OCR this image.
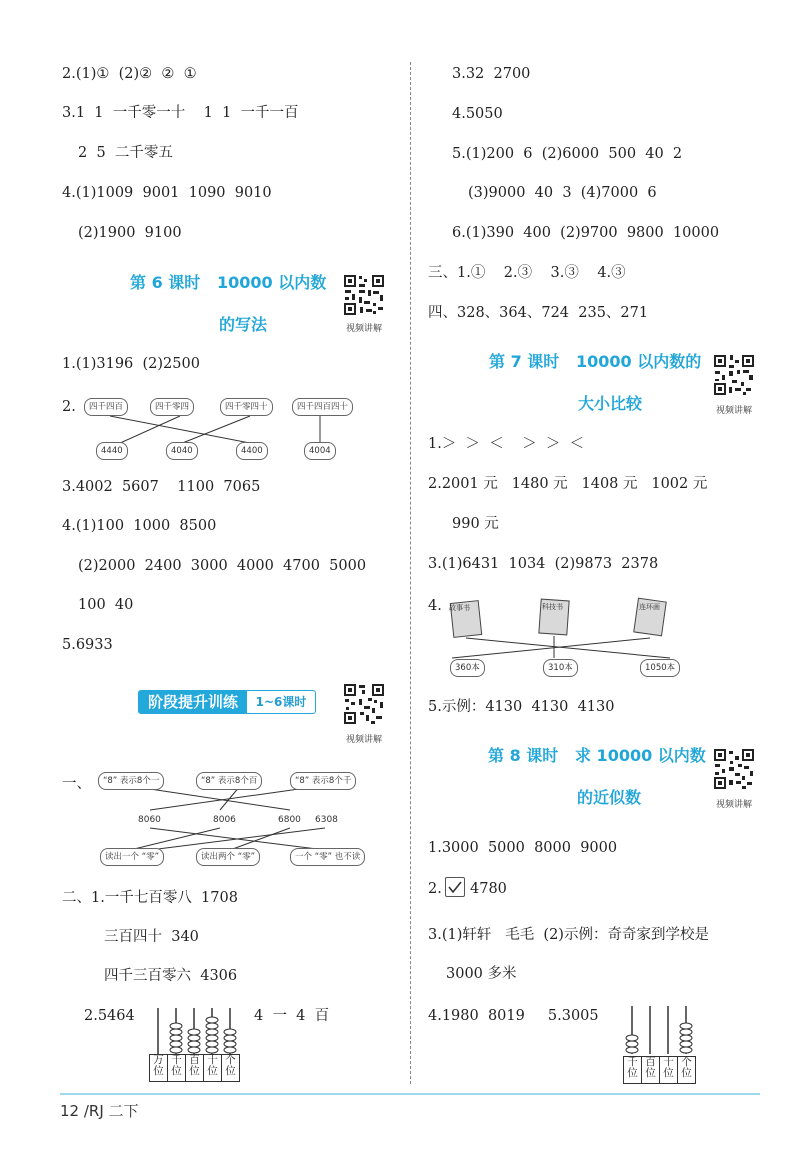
12 /RJ 二下
2.(1)①  (2)②  ②  ①
3.1  1  一千零一十    1  1  一千一百
2  5  二千零五
4.(1)1009  9001  1090  9010
(2)1900  9100
第 6 课时   10000 以内数
的写法	视频讲解
1.(1)3196  (2)2500
2.	四千四百	四千零四	四千零四十	四千四百四十
4440	4040	4400	4004
3.4002  5607    1100  7065
4.(1)100  1000  8500
(2)2000  2400  3000  4000  4700  5000
100  40
5.6933
阶段提升训练	1~6课时
视频讲解
一、	“8” 表示8个一	“8” 表示8个百	“8” 表示8个千
8060	8006	6800 6308
读出一个 “零”	读出两个 “零”	一个 “零” 也不读
二、1.一千七百零八  1708
三百四十  340
四千三百零六  4306
2.5464	4  一  4  百
万位
千位
百位
十位
个位
3.32  2700
4.5050
5.(1)200  6  (2)6000  500  40  2
(3)9000  40  3  (4)7000  6
6.(1)390  400  (2)9700  9800  10000
三、1.①    2.③    3.③    4.③
四、328、364、724  235、271
第 7 课时   10000 以内数的
大小比较	视频讲解
1.＞  ＞  ＜    ＞  ＞  ＜
2.2001 元   1480 元   1408 元   1002 元
990 元
3.(1)6431  1034  (2)9873  2378
4. 故事书	科技书	连环画
360本	310本	1050本
5.示例：4130  4130  4130
第 8 课时   求 10000 以内数
的近似数	视频讲解
1.3000  5000  8000  9000
2. 4780
3.(1)轩轩   毛毛  (2)示例：奇奇家到学校是
3000 多米
4.1980  8019     5.3005
千位
百位
十位
个位
